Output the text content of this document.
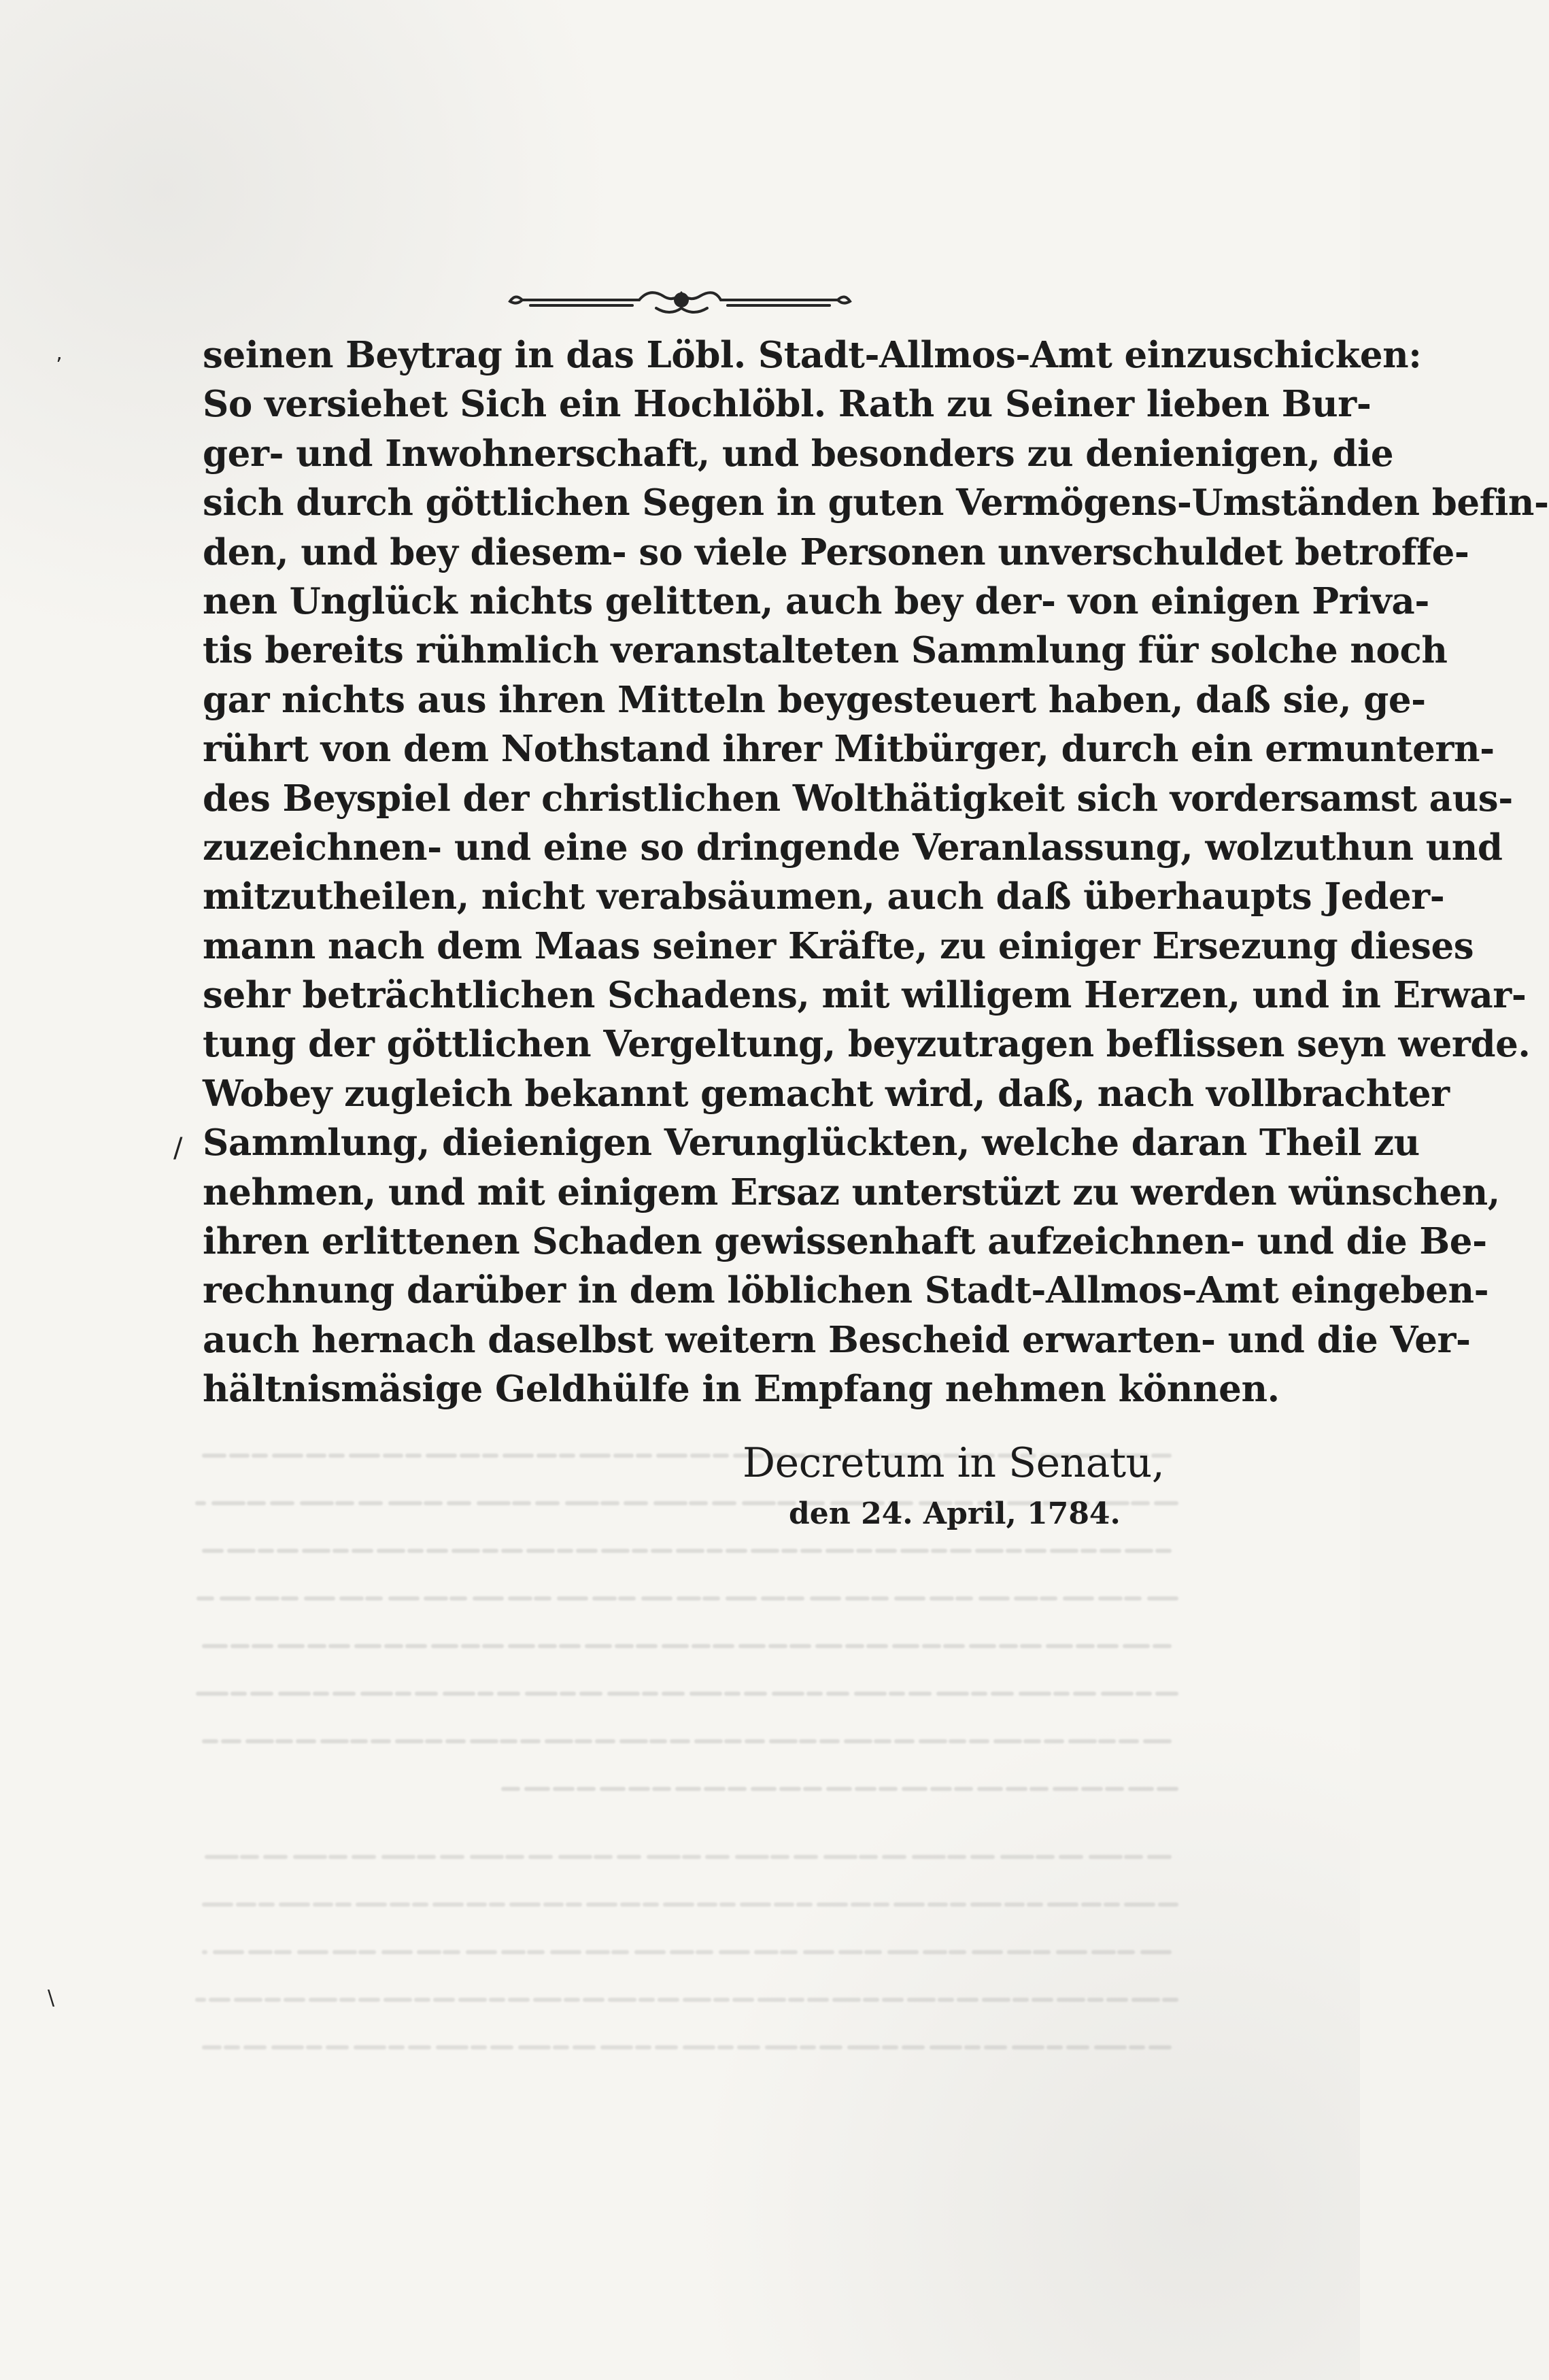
seinen Beytrag in das Löbl. Stadt-Allmos-Amt einzuschicken:
So versiehet Sich ein Hochlöbl. Rath zu Seiner lieben Bur-
ger- und Inwohnerschaft, und besonders zu denienigen, die
sich durch göttlichen Segen in guten Vermögens-Umständen befin-
den, und bey diesem- so viele Personen unverschuldet betroffe-
nen Unglück nichts gelitten, auch bey der- von einigen Priva-
tis bereits rühmlich veranstalteten Sammlung für solche noch
gar nichts aus ihren Mitteln beygesteuert haben, daß sie, ge-
rührt von dem Nothstand ihrer Mitbürger, durch ein ermuntern-
des Beyspiel der christlichen Wolthätigkeit sich vordersamst aus-
zuzeichnen- und eine so dringende Veranlassung, wolzuthun und
mitzutheilen, nicht verabsäumen, auch daß überhaupts Jeder-
mann nach dem Maas seiner Kräfte, zu einiger Ersezung dieses
sehr beträchtlichen Schadens, mit willigem Herzen, und in Erwar-
tung der göttlichen Vergeltung, beyzutragen beflissen seyn werde.
Wobey zugleich bekannt gemacht wird, daß, nach vollbrachter
Sammlung, dieienigen Verunglückten, welche daran Theil zu
nehmen, und mit einigem Ersaz unterstüzt zu werden wünschen,
ihren erlittenen Schaden gewissenhaft aufzeichnen- und die Be-
rechnung darüber in dem löblichen Stadt-Allmos-Amt eingeben-
auch hernach daselbst weitern Bescheid erwarten- und die Ver-
hältnismäsige Geldhülfe in Empfang nehmen können.
Decretum in Senatu,
den 24. April, 1784.
’
/
\
